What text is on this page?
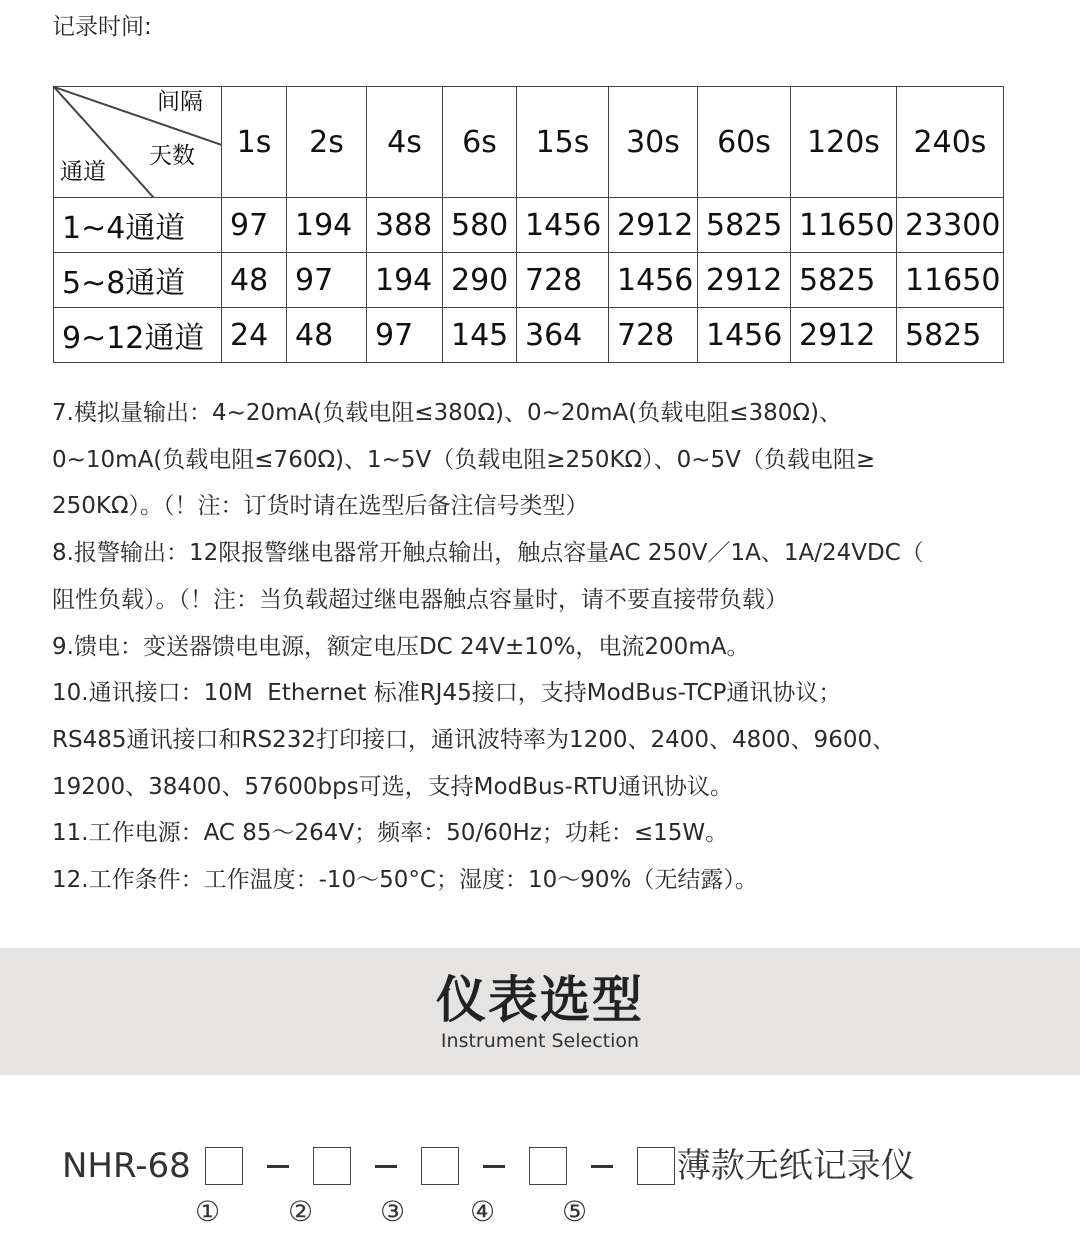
记录时间:
间隔
天数
通道	1s	2s	4s	6s	15s	30s	60s	120s	240s
1~4通道	97	194	388	580	1456	2912	5825	11650	23300
5~8通道	48	97	194	290	728	1456	2912	5825	11650
9~12通道	24	48	97	145	364	728	1456	2912	5825
7.模拟量输出：4~20mA(负载电阻≤380Ω)、0~20mA(负载电阻≤380Ω)、
0~10mA(负载电阻≤760Ω)、1~5V（负载电阻≥250KΩ）、0~5V（负载电阻≥
250KΩ）。（！注：订货时请在选型后备注信号类型）
8.报警输出：12限报警继电器常开触点输出，触点容量AC 250V／1A、1A/24VDC（
阻性负载）。（！注：当负载超过继电器触点容量时，请不要直接带负载）
9.馈电：变送器馈电电源，额定电压DC 24V±10%，电流200mA。
10.通讯接口：10M  Ethernet 标准RJ45接口，支持ModBus-TCP通讯协议；
RS485通讯接口和RS232打印接口，通讯波特率为1200、2400、4800、9600、
19200、38400、57600bps可选，支持ModBus-RTU通讯协议。
11.工作电源：AC 85～264V；频率：50/60Hz；功耗：≤15W。
12.工作条件：工作温度：-10～50°C；湿度：10～90%（无结露）。
仪表选型
Instrument Selection
NHR-68	薄款无纸记录仪
① ② ③ ④ ⑤
